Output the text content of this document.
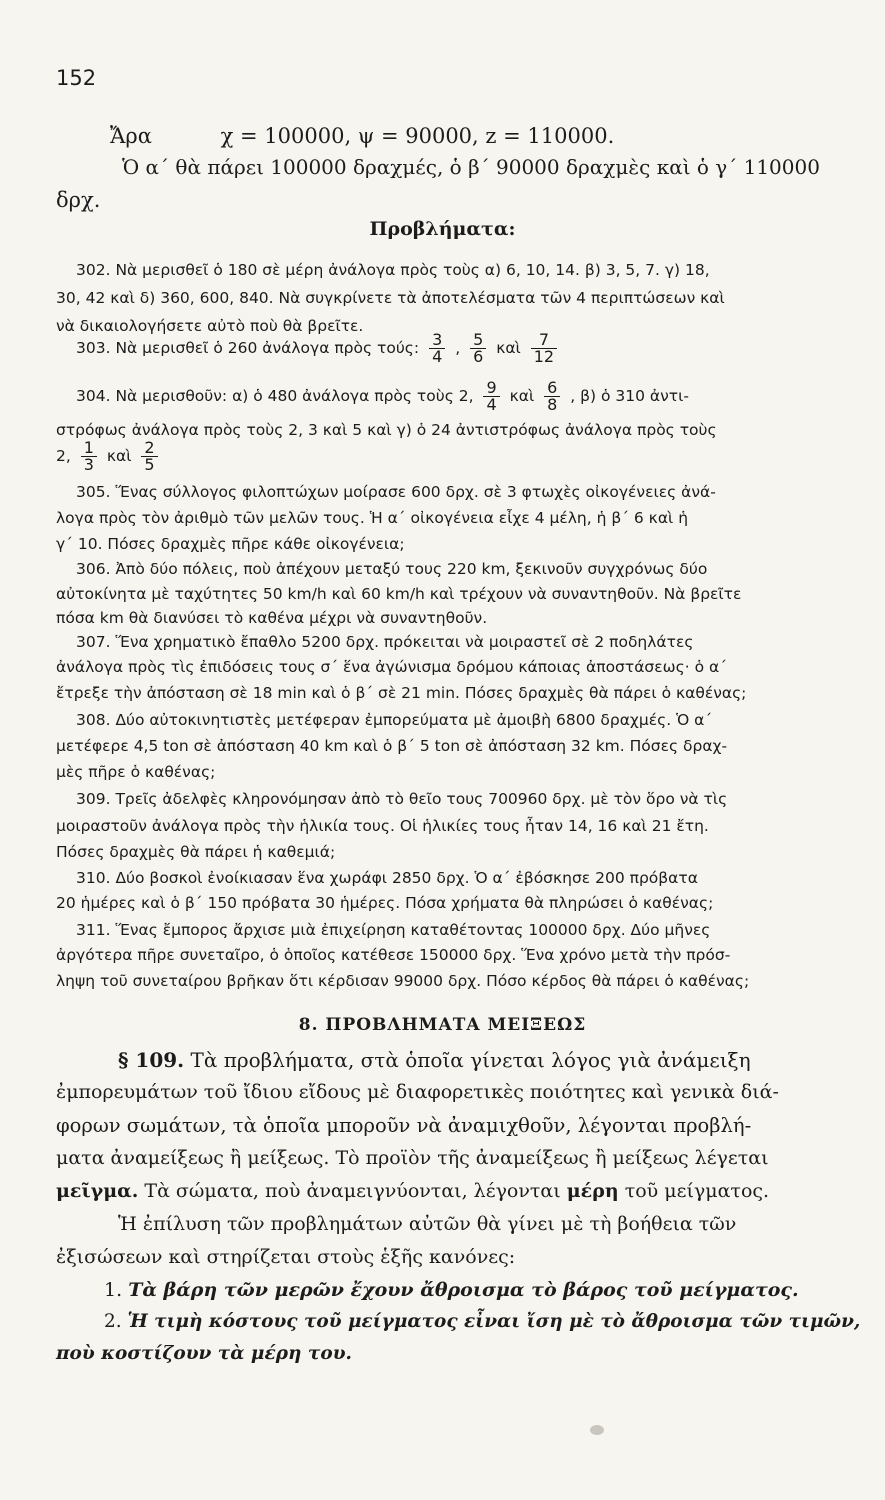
152
Ἄρα	χ = 100000, ψ = 90000, z = 110000.
Ὁ α΄ θὰ πάρει 100000 δραχμές, ὁ β΄ 90000 δραχμὲς καὶ ὁ γ΄ 110000
δρχ.
Προβλήματα:
302. Νὰ μερισθεῖ ὁ 180 σὲ μέρη ἀνάλογα πρὸς τοὺς α) 6, 10, 14. β) 3, 5, 7. γ) 18,
30, 42 καὶ δ) 360, 600, 840. Νὰ συγκρίνετε τὰ ἀποτελέσματα τῶν 4 περιπτώσεων καὶ
νὰ δικαιολογήσετε αὐτὸ ποὺ θὰ βρεῖτε.
303. Νὰ μερισθεῖ ὁ 260 ἀνάλογα πρὸς τούς: $\frac{3}{4}$ , $\frac{5}{6}$ καὶ $\frac{7}{12}$
304. Νὰ μερισθοῦν: α) ὁ 480 ἀνάλογα πρὸς τοὺς 2, $\frac{9}{4}$ καὶ $\frac{6}{8}$ , β) ὁ 310 ἀντι-
στρόφως ἀνάλογα πρὸς τοὺς 2, 3 καὶ 5 καὶ γ) ὁ 24 ἀντιστρόφως ἀνάλογα πρὸς τοὺς
2, $\frac{1}{3}$ καὶ $\frac{2}{5}$
305. Ἕνας σύλλογος φιλοπτώχων μοίρασε 600 δρχ. σὲ 3 φτωχὲς οἰκογένειες ἀνά-
λογα πρὸς τὸν ἀριθμὸ τῶν μελῶν τους. Ἡ α΄ οἰκογένεια εἶχε 4 μέλη, ἡ β΄ 6 καὶ ἡ
γ΄ 10. Πόσες δραχμὲς πῆρε κάθε οἰκογένεια;
306. Ἀπὸ δύο πόλεις, ποὺ ἀπέχουν μεταξύ τους 220 km, ξεκινοῦν συγχρόνως δύο
αὐτοκίνητα μὲ ταχύτητες 50 km/h καὶ 60 km/h καὶ τρέχουν νὰ συναντηθοῦν. Νὰ βρεῖτε
πόσα km θὰ διανύσει τὸ καθένα μέχρι νὰ συναντηθοῦν.
307. Ἕνα χρηματικὸ ἔπαθλο 5200 δρχ. πρόκειται νὰ μοιραστεῖ σὲ 2 ποδηλάτες
ἀνάλογα πρὸς τὶς ἐπιδόσεις τους σ΄ ἕνα ἀγώνισμα δρόμου κάποιας ἀποστάσεως· ὁ α΄
ἔτρεξε τὴν ἀπόσταση σὲ 18 min καὶ ὁ β΄ σὲ 21 min. Πόσες δραχμὲς θὰ πάρει ὁ καθένας;
308. Δύο αὐτοκινητιστὲς μετέφεραν ἐμπορεύματα μὲ ἀμοιβὴ 6800 δραχμές. Ὁ α΄
μετέφερε 4,5 ton σὲ ἀπόσταση 40 km καὶ ὁ β΄ 5 ton σὲ ἀπόσταση 32 km. Πόσες δραχ-
μὲς πῆρε ὁ καθένας;
309. Τρεῖς ἀδελφὲς κληρονόμησαν ἀπὸ τὸ θεῖο τους 700960 δρχ. μὲ τὸν ὅρο νὰ τὶς
μοιραστοῦν ἀνάλογα πρὸς τὴν ἡλικία τους. Οἱ ἡλικίες τους ἦταν 14, 16 καὶ 21 ἔτη.
Πόσες δραχμὲς θὰ πάρει ἡ καθεμιά;
310. Δύο βοσκοὶ ἐνοίκιασαν ἕνα χωράφι 2850 δρχ. Ὁ α΄ ἐβόσκησε 200 πρόβατα
20 ἡμέρες καὶ ὁ β΄ 150 πρόβατα 30 ἡμέρες. Πόσα χρήματα θὰ πληρώσει ὁ καθένας;
311. Ἕνας ἔμπορος ἄρχισε μιὰ ἐπιχείρηση καταθέτοντας 100000 δρχ. Δύο μῆνες
ἀργότερα πῆρε συνεταῖρο, ὁ ὁποῖος κατέθεσε 150000 δρχ. Ἕνα χρόνο μετὰ τὴν πρόσ-
ληψη τοῦ συνεταίρου βρῆκαν ὅτι κέρδισαν 99000 δρχ. Πόσο κέρδος θὰ πάρει ὁ καθένας;
8. ΠΡΟΒΛΗΜΑΤΑ ΜΕΙΞΕΩΣ
§ 109. Τὰ προβλήματα, στὰ ὁποῖα γίνεται λόγος γιὰ ἀνάμειξη
ἐμπορευμάτων τοῦ ἴδιου εἴδους μὲ διαφορετικὲς ποιότητες καὶ γενικὰ διά-
φορων σωμάτων, τὰ ὁποῖα μποροῦν νὰ ἀναμιχθοῦν, λέγονται προβλή-
ματα ἀναμείξεως ἢ μείξεως. Τὸ προϊὸν τῆς ἀναμείξεως ἢ μείξεως λέγεται
μεῖγμα. Τὰ σώματα, ποὺ ἀναμειγνύονται, λέγονται μέρη τοῦ μείγματος.
Ἡ ἐπίλυση τῶν προβλημάτων αὐτῶν θὰ γίνει μὲ τὴ βοήθεια τῶν
ἐξισώσεων καὶ στηρίζεται στοὺς ἑξῆς κανόνες:
1. Τὰ βάρη τῶν μερῶν ἔχουν ἄθροισμα τὸ βάρος τοῦ μείγματος.
2. Ἡ τιμὴ κόστους τοῦ μείγματος εἶναι ἴση μὲ τὸ ἄθροισμα τῶν τιμῶν,
ποὺ κοστίζουν τὰ μέρη του.
